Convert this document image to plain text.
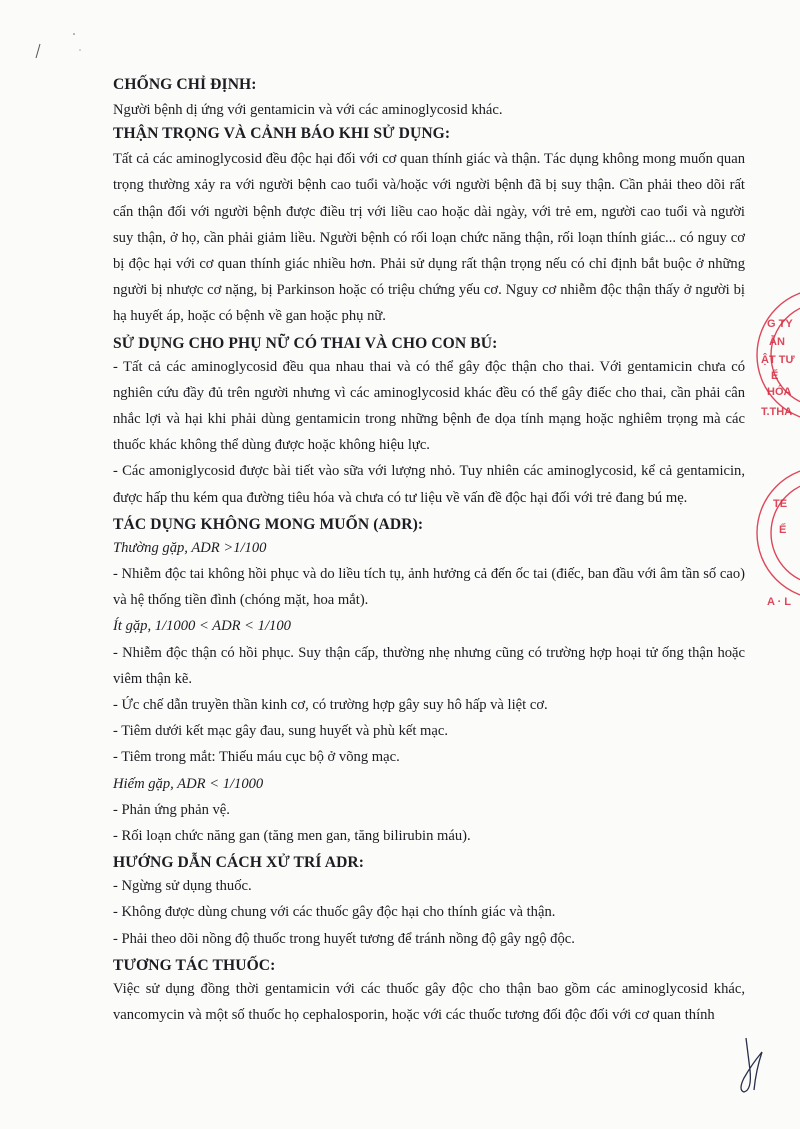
CHỐNG CHỈ ĐỊNH:

Người bệnh dị ứng với gentamicin và với các aminoglycosid khác.

THẬN TRỌNG VÀ CẢNH BÁO KHI SỬ DỤNG:

Tất cả các aminoglycosid đều độc hại đối với cơ quan thính giác và thận. Tác dụng không mong muốn quan trọng thường xảy ra với người bệnh cao tuổi và/hoặc với người bệnh đã bị suy thận. Cần phải theo dõi rất cẩn thận đối với người bệnh được điều trị với liều cao hoặc dài ngày, với trẻ em, người cao tuổi và người suy thận, ở họ, cần phải giảm liều. Người bệnh có rối loạn chức năng thận, rối loạn thính giác... có nguy cơ bị độc hại với cơ quan thính giác nhiều hơn. Phải sử dụng rất thận trọng nếu có chỉ định bắt buộc ở những người bị nhược cơ nặng, bị Parkinson hoặc có triệu chứng yếu cơ. Nguy cơ nhiễm độc thận thấy ở người bị hạ huyết áp, hoặc có bệnh về gan hoặc phụ nữ.

SỬ DỤNG CHO PHỤ NỮ CÓ THAI VÀ CHO CON BÚ:

- Tất cả các aminoglycosid đều qua nhau thai và có thể gây độc thận cho thai. Với gentamicin chưa có nghiên cứu đầy đủ trên người nhưng vì các aminoglycosid khác đều có thể gây điếc cho thai, cần phải cân nhắc lợi và hại khi phải dùng gentamicin trong những bệnh đe dọa tính mạng hoặc nghiêm trọng mà các thuốc khác không thể dùng được hoặc không hiệu lực.

- Các amoniglycosid được bài tiết vào sữa với lượng nhỏ. Tuy nhiên các aminoglycosid, kể cả gentamicin, được hấp thu kém qua đường tiêu hóa và chưa có tư liệu về vấn đề độc hại đối với trẻ đang bú mẹ.

TÁC DỤNG KHÔNG MONG MUỐN (ADR):

Thường gặp, ADR >1/100

- Nhiễm độc tai không hồi phục và do liều tích tụ, ảnh hưởng cả đến ốc tai (điếc, ban đầu với âm tần số cao) và hệ thống tiền đình (chóng mặt, hoa mắt).

Ít gặp, 1/1000 < ADR < 1/100

- Nhiễm độc thận có hồi phục. Suy thận cấp, thường nhẹ nhưng cũng có trường hợp hoại tử ống thận hoặc viêm thận kẽ.

- Ức chế dẫn truyền thần kinh cơ, có trường hợp gây suy hô hấp và liệt cơ.

- Tiêm dưới kết mạc gây đau, sung huyết và phù kết mạc.

- Tiêm trong mắt: Thiếu máu cục bộ ở võng mạc.

Hiếm gặp, ADR < 1/1000

- Phản ứng phản vệ.

- Rối loạn chức năng gan (tăng men gan, tăng bilirubin máu).

HƯỚNG DẪN CÁCH XỬ TRÍ ADR:

- Ngừng sử dụng thuốc.

- Không được dùng chung với các thuốc gây độc hại cho thính giác và thận.

- Phải theo dõi nồng độ thuốc trong huyết tương để tránh nồng độ gây ngộ độc.

TƯƠNG TÁC THUỐC:

Việc sử dụng đồng thời gentamicin với các thuốc gây độc cho thận bao gồm các aminoglycosid khác, vancomycin và một số thuốc họ cephalosporin, hoặc với các thuốc tương đối độc đối với cơ quan thính

G TY
ẪN
ẬT TƯ
Ế
HÓA
T.THA
TE
Ế
A · L
